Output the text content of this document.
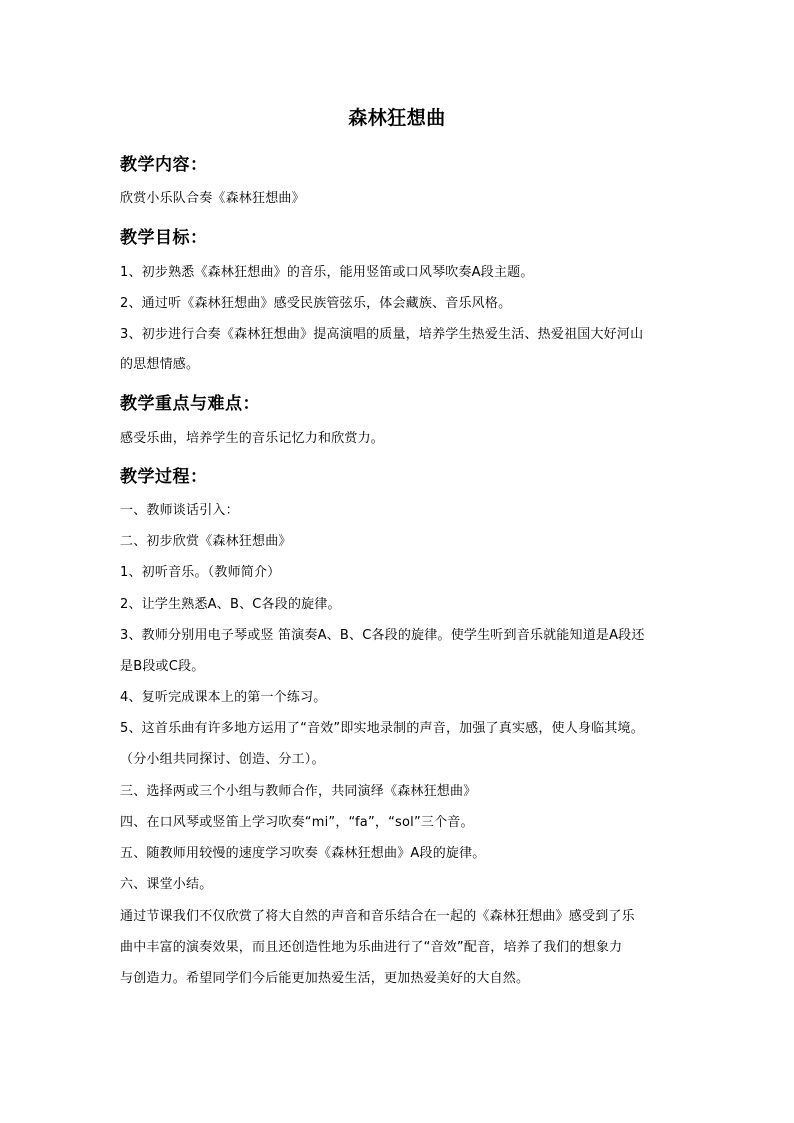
森林狂想曲
教学内容：
欣赏小乐队合奏《森林狂想曲》
教学目标：
1、初步熟悉《森林狂想曲》的音乐，能用竖笛或口风琴吹奏A段主题。
2、通过听《森林狂想曲》感受民族管弦乐，体会藏族、音乐风格。
3、初步进行合奏《森林狂想曲》提高演唱的质量，培养学生热爱生活、热爱祖国大好河山
的思想情感。
教学重点与难点：
感受乐曲，培养学生的音乐记忆力和欣赏力。
教学过程：
一、教师谈话引入：
二、初步欣赏《森林狂想曲》
1、初听音乐。（教师简介）
2、让学生熟悉A、B、C各段的旋律。
3、教师分别用电子琴或竖 笛演奏A、B、C各段的旋律。使学生听到音乐就能知道是A段还
是B段或C段。
4、复听完成课本上的第一个练习。
5、这首乐曲有许多地方运用了“音效”即实地录制的声音，加强了真实感，使人身临其境。
（分小组共同探讨、创造、分工）。
三、选择两或三个小组与教师合作，共同演绎《森林狂想曲》
四、在口风琴或竖笛上学习吹奏“mi”，“fa”，“sol”三个音。
五、随教师用较慢的速度学习吹奏《森林狂想曲》A段的旋律。
六、课堂小结。
通过节课我们不仅欣赏了将大自然的声音和音乐结合在一起的《森林狂想曲》感受到了乐
曲中丰富的演奏效果，而且还创造性地为乐曲进行了“音效”配音，培养了我们的想象力
与创造力。希望同学们今后能更加热爱生活，更加热爱美好的大自然。
